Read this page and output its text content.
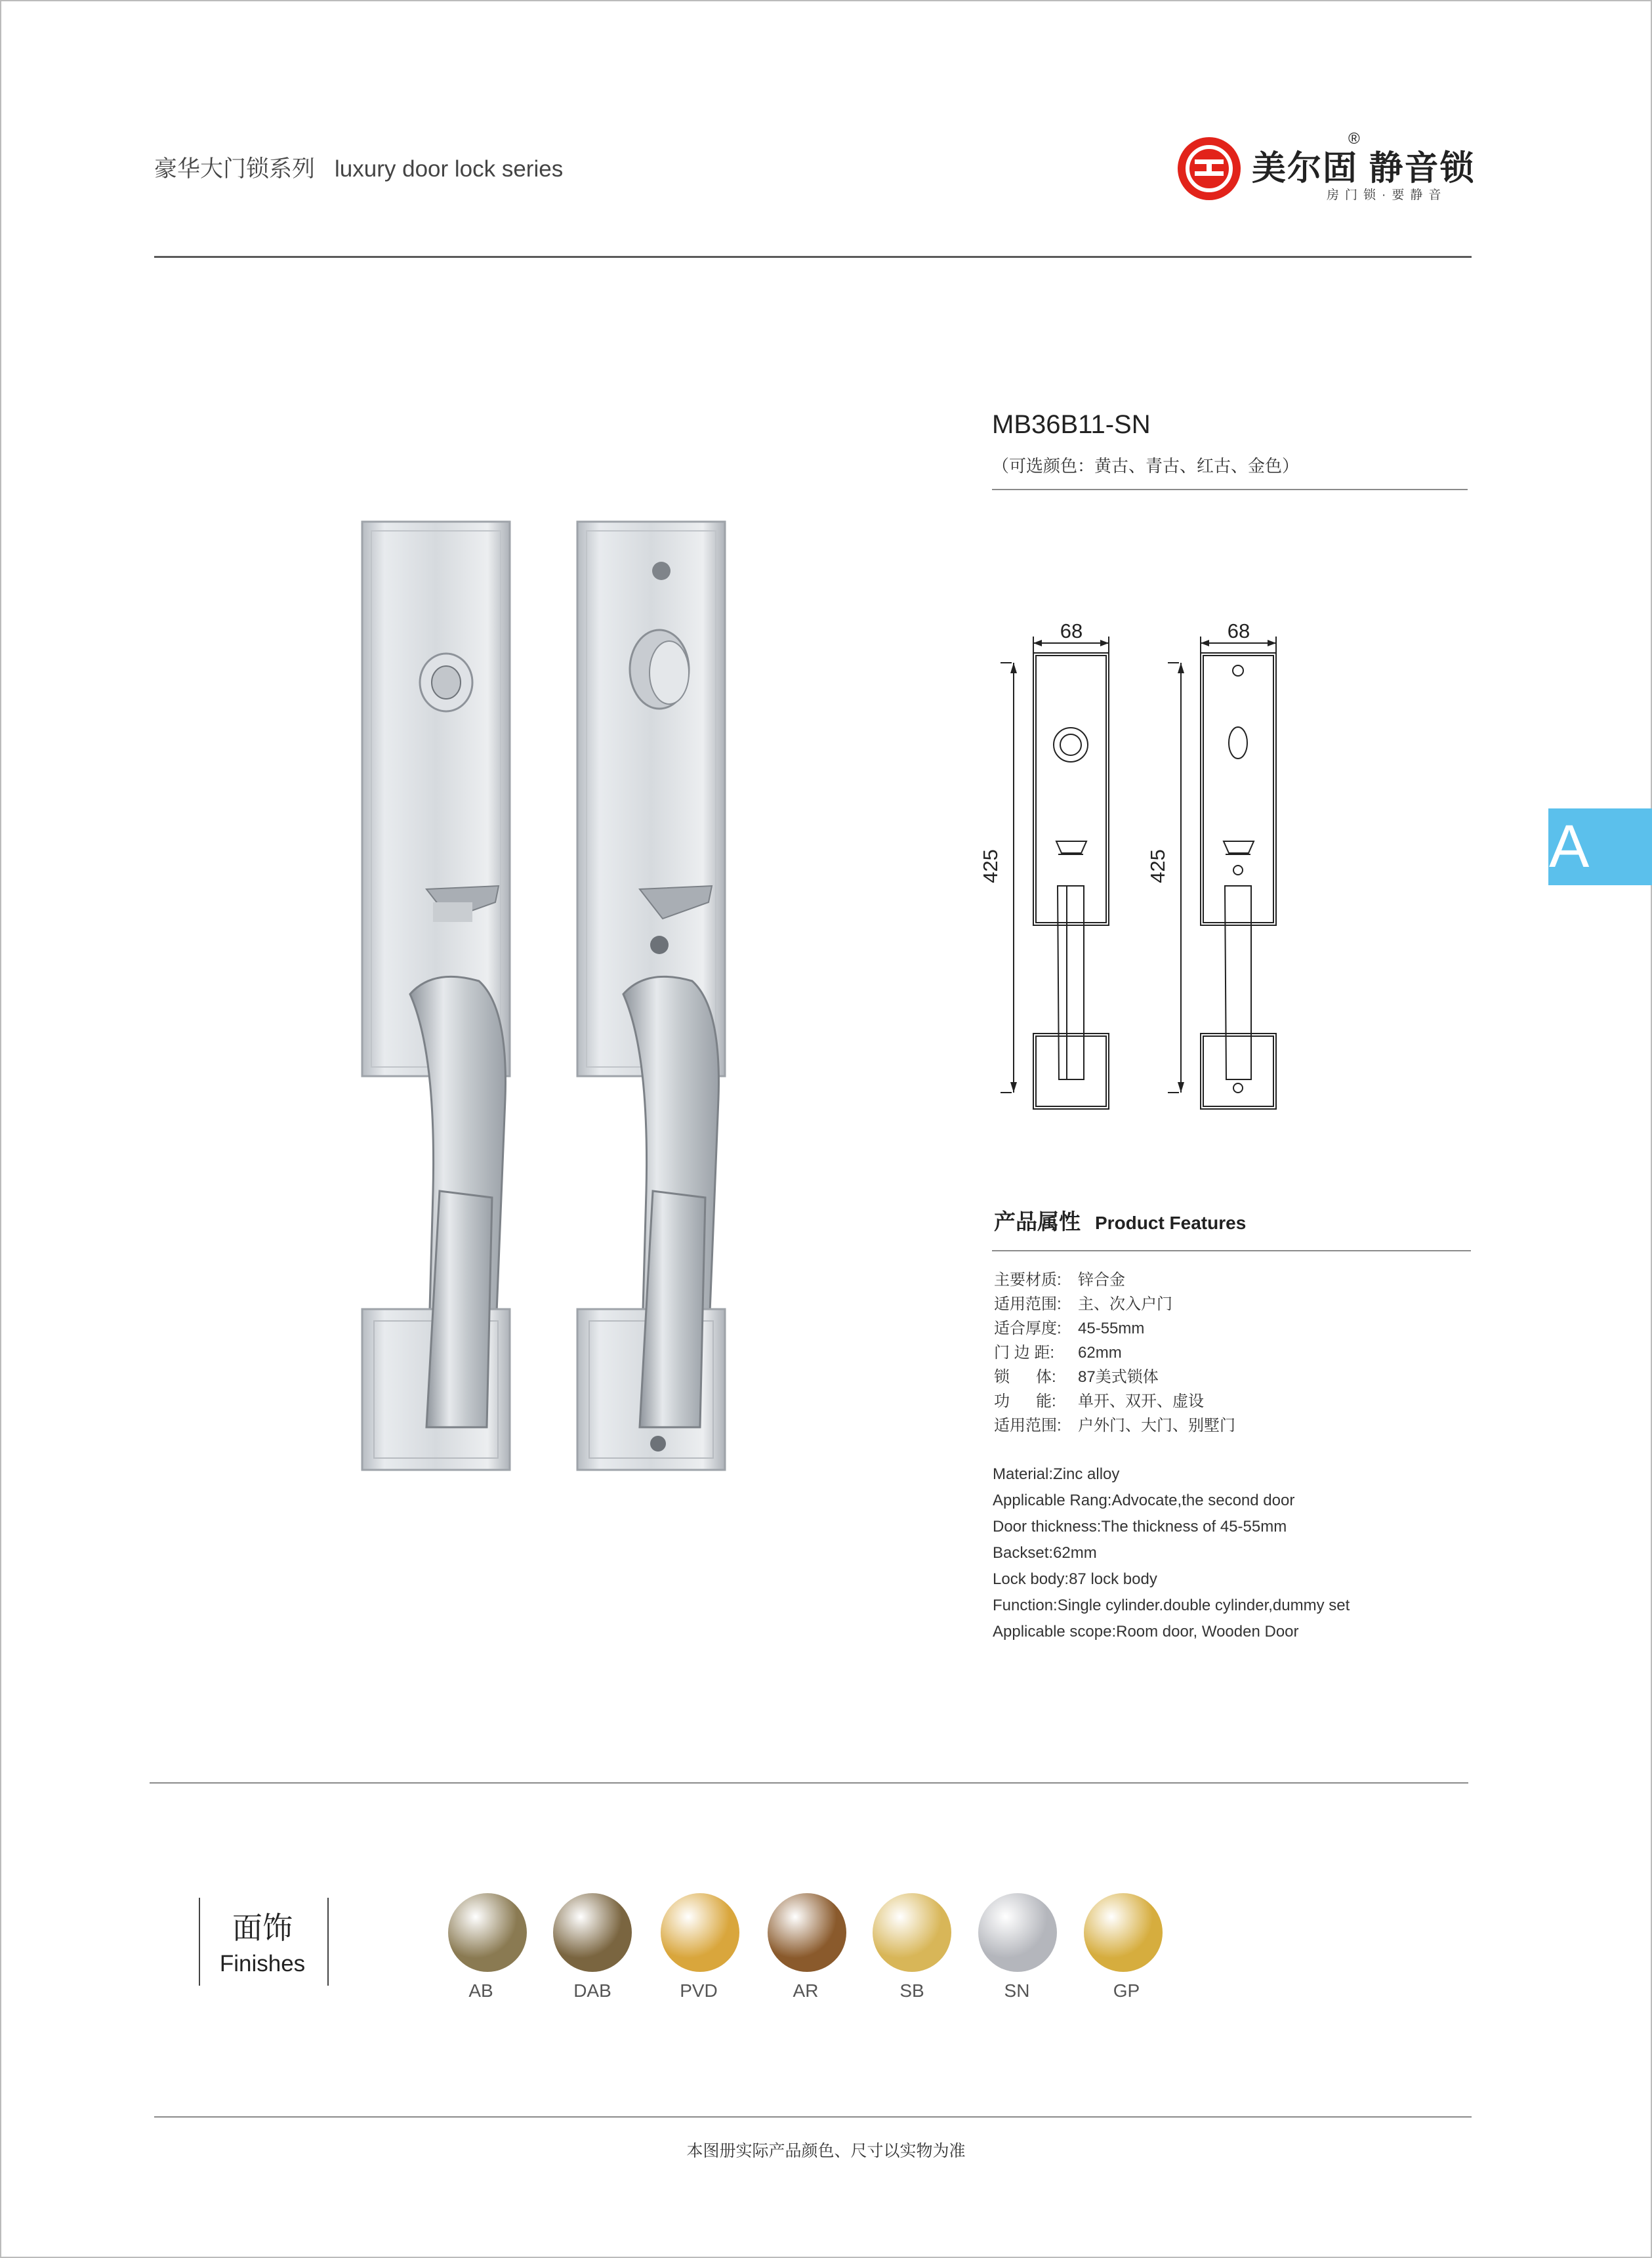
豪华大门锁系列 luxury door lock series	美尔固 静音锁
®
房门锁·要静音
MB36B11-SN
（可选颜色：黄古、青古、红古、金色）
68	68
425	425	A
产品属性 Product Features
主要材质: 锌合金
适用范围: 主、次入户门
适合厚度: 45-55mm
门 边 距: 62mm
锁      体: 87美式锁体
功      能: 单开、双开、虚设
适用范围: 户外门、大门、别墅门
Material:Zinc alloy
Applicable Rang:Advocate,the second door
Door thickness:The thickness of 45-55mm
Backset:62mm
Lock body:87 lock body
Function:Single cylinder.double cylinder,dummy set
Applicable scope:Room door, Wooden Door
面饰
Finishes
AB	DAB	PVD	AR	SB	SN	GP
本图册实际产品颜色、尺寸以实物为准
